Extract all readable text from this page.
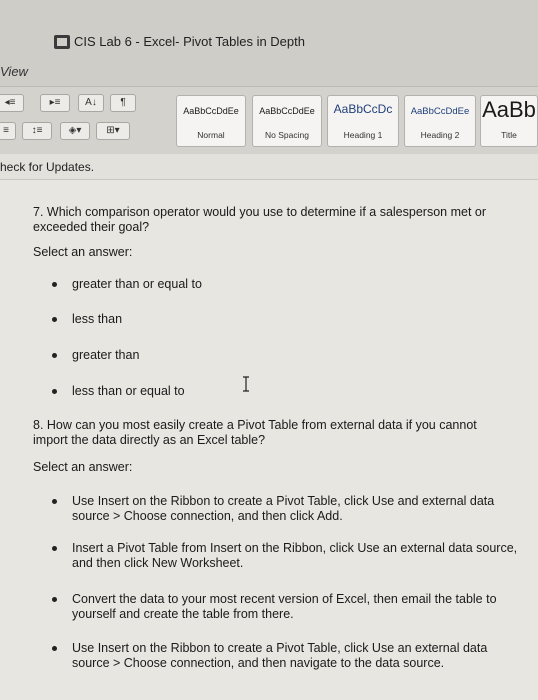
CIS Lab 6 - Excel- Pivot Tables in Depth
View
◂≡	▸≡	A↓	¶
≡	↕≡	◈▾	⊞▾
AaBbCcDdEe
Normal
AaBbCcDdEe
No Spacing
AaBbCcDc
Heading 1
AaBbCcDdEe
Heading 2
AaBb
Title
heck for Updates.
7. Which comparison operator would you use to determine if a salesperson met or exceeded their goal?
Select an answer:
greater than or equal to
less than
greater than
less than or equal to
8. How can you most easily create a Pivot Table from external data if you cannot import the data directly as an Excel table?
Select an answer:
Use Insert on the Ribbon to create a Pivot Table, click Use and external data source > Choose connection, and then click Add.
Insert a Pivot Table from Insert on the Ribbon, click Use an external data source, and then click New Worksheet.
Convert the data to your most recent version of Excel, then email the table to yourself and create the table from there.
Use Insert on the Ribbon to create a Pivot Table, click Use an external data source > Choose connection, and then navigate to the data source.
